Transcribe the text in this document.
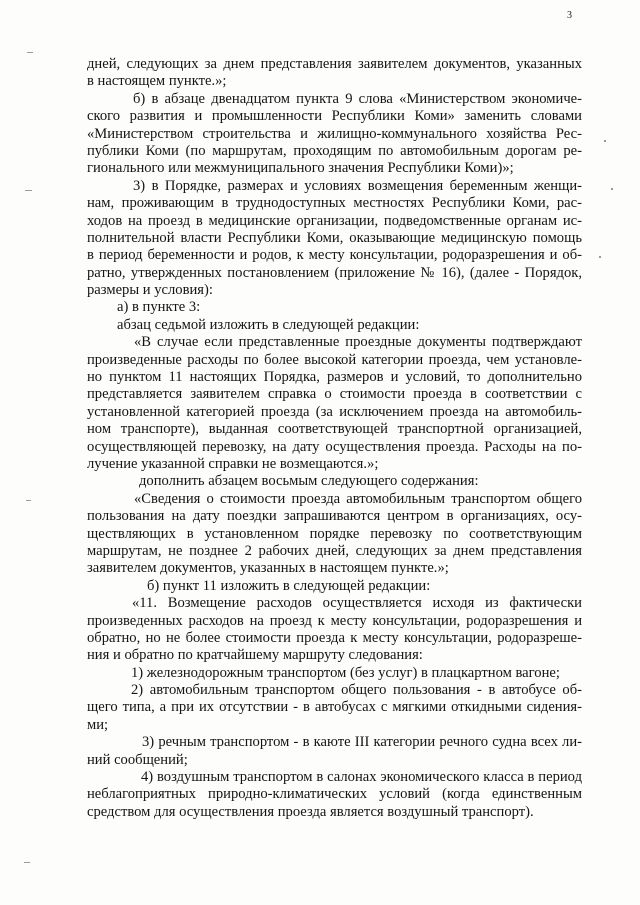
3
дней, следующих за днем представления заявителем документов, указанных
в настоящем пункте.»;
б) в абзаце двенадцатом пункта 9 слова «Министерством экономиче-
ского развития и промышленности Республики Коми» заменить словами
«Министерством строительства и жилищно-коммунального хозяйства Рес-
публики Коми (по маршрутам, проходящим по автомобильным дорогам ре-
гионального или межмуниципального значения Республики Коми)»;
3) в Порядке, размерах и условиях возмещения беременным женщи-
нам, проживающим в труднодоступных местностях Республики Коми, рас-
ходов на проезд в медицинские организации, подведомственные органам ис-
полнительной власти Республики Коми, оказывающие медицинскую помощь
в период беременности и родов, к месту консультации, родоразрешения и об-
ратно, утвержденных постановлением (приложение № 16), (далее - Порядок,
размеры и условия):
а) в пункте 3:
абзац седьмой изложить в следующей редакции:
«В случае если представленные проездные документы подтверждают
произведенные расходы по более высокой категории проезда, чем установле-
но пунктом 11 настоящих Порядка, размеров и условий, то дополнительно
представляется заявителем справка о стоимости проезда в соответствии с
установленной категорией проезда (за исключением проезда на автомобиль-
ном транспорте), выданная соответствующей транспортной организацией,
осуществляющей перевозку, на дату осуществления проезда. Расходы на по-
лучение указанной справки не возмещаются.»;
дополнить абзацем восьмым следующего содержания:
«Сведения о стоимости проезда автомобильным транспортом общего
пользования на дату поездки запрашиваются центром в организациях, осу-
ществляющих в установленном порядке перевозку по соответствующим
маршрутам, не позднее 2 рабочих дней, следующих за днем представления
заявителем документов, указанных в настоящем пункте.»;
б) пункт 11 изложить в следующей редакции:
«11. Возмещение расходов осуществляется исходя из фактически
произведенных расходов на проезд к месту консультации, родоразрешения и
обратно, но не более стоимости проезда к месту консультации, родоразреше-
ния и обратно по кратчайшему маршруту следования:
1) железнодорожным транспортом (без услуг) в плацкартном вагоне;
2) автомобильным транспортом общего пользования - в автобусе об-
щего типа, а при их отсутствии - в автобусах с мягкими откидными сидения-
ми;
3) речным транспортом - в каюте III категории речного судна всех ли-
ний сообщений;
4) воздушным транспортом в салонах экономического класса в период
неблагоприятных природно-климатических условий (когда единственным
средством для осуществления проезда является воздушный транспорт).
